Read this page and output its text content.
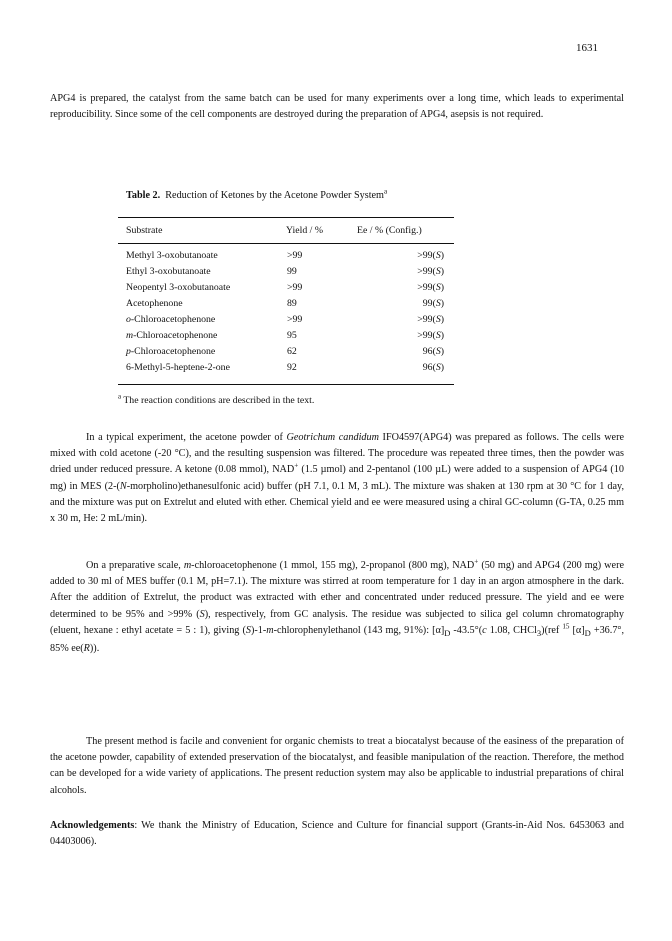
1631

APG4 is prepared, the catalyst from the same batch can be used for many experiments over a long time, which leads to experimental reproducibility. Since some of the cell components are destroyed during the preparation of APG4, asepsis is not required.

Table 2. Reduction of Ketones by the Acetone Powder System$^a$
Substrate	Yield / %	Ee / % (Config.)
Methyl 3-oxobutanoate	>99	>99(S)
Ethyl 3-oxobutanoate	99	>99(S)
Neopentyl 3-oxobutanoate	>99	>99(S)
Acetophenone	89	99(S)
o-Chloroacetophenone	>99	>99(S)
m-Chloroacetophenone	95	>99(S)
p-Chloroacetophenone	62	96(S)
6-Methyl-5-heptene-2-one	92	96(S)
$^a$ The reaction conditions are described in the text.

In a typical experiment, the acetone powder of Geotrichum candidum IFO4597(APG4) was prepared as follows. The cells were mixed with cold acetone (-20 °C), and the resulting suspension was filtered. The procedure was repeated three times, then the powder was dried under reduced pressure. A ketone (0.08 mmol), NAD+ (1.5 µmol) and 2-pentanol (100 µL) were added to a suspension of APG4 (10 mg) in MES (2-(N-morpholino)ethanesulfonic acid) buffer (pH 7.1, 0.1 M, 3 mL). The mixture was shaken at 130 rpm at 30 °C for 1 day, and the mixture was put on Extrelut and eluted with ether. Chemical yield and ee were measured using a chiral GC-column (G-TA, 0.25 mm x 30 m, He: 2 mL/min).

On a preparative scale, m-chloroacetophenone (1 mmol, 155 mg), 2-propanol (800 mg), NAD+ (50 mg) and APG4 (200 mg) were added to 30 ml of MES buffer (0.1 M, pH=7.1). The mixture was stirred at room temperature for 1 day in an argon atmosphere in the dark. After the addition of Extrelut, the product was extracted with ether and concentrated under reduced pressure. The yield and ee were determined to be 95% and >99% (S), respectively, from GC analysis. The residue was subjected to silica gel column chromatography (eluent, hexane : ethyl acetate = 5 : 1), giving (S)-1-m-chlorophenylethanol (143 mg, 91%): $[\alpha]_D$ -43.5°(c 1.08, CHCl$_3$)(ref $^{15}$ $[\alpha]_D +36.7^\circ$, 85% ee(R)).

The present method is facile and convenient for organic chemists to treat a biocatalyst because of the easiness of the preparation of the acetone powder, capability of extended preservation of the biocatalyst, and feasible manipulation of the reaction. Therefore, the method can be developed for a wide variety of applications. The present reduction system may also be applicable to industrial preparations of chiral alcohols.

Acknowledgements: We thank the Ministry of Education, Science and Culture for financial support (Grants-in-Aid Nos. 6453063 and 04403006).
